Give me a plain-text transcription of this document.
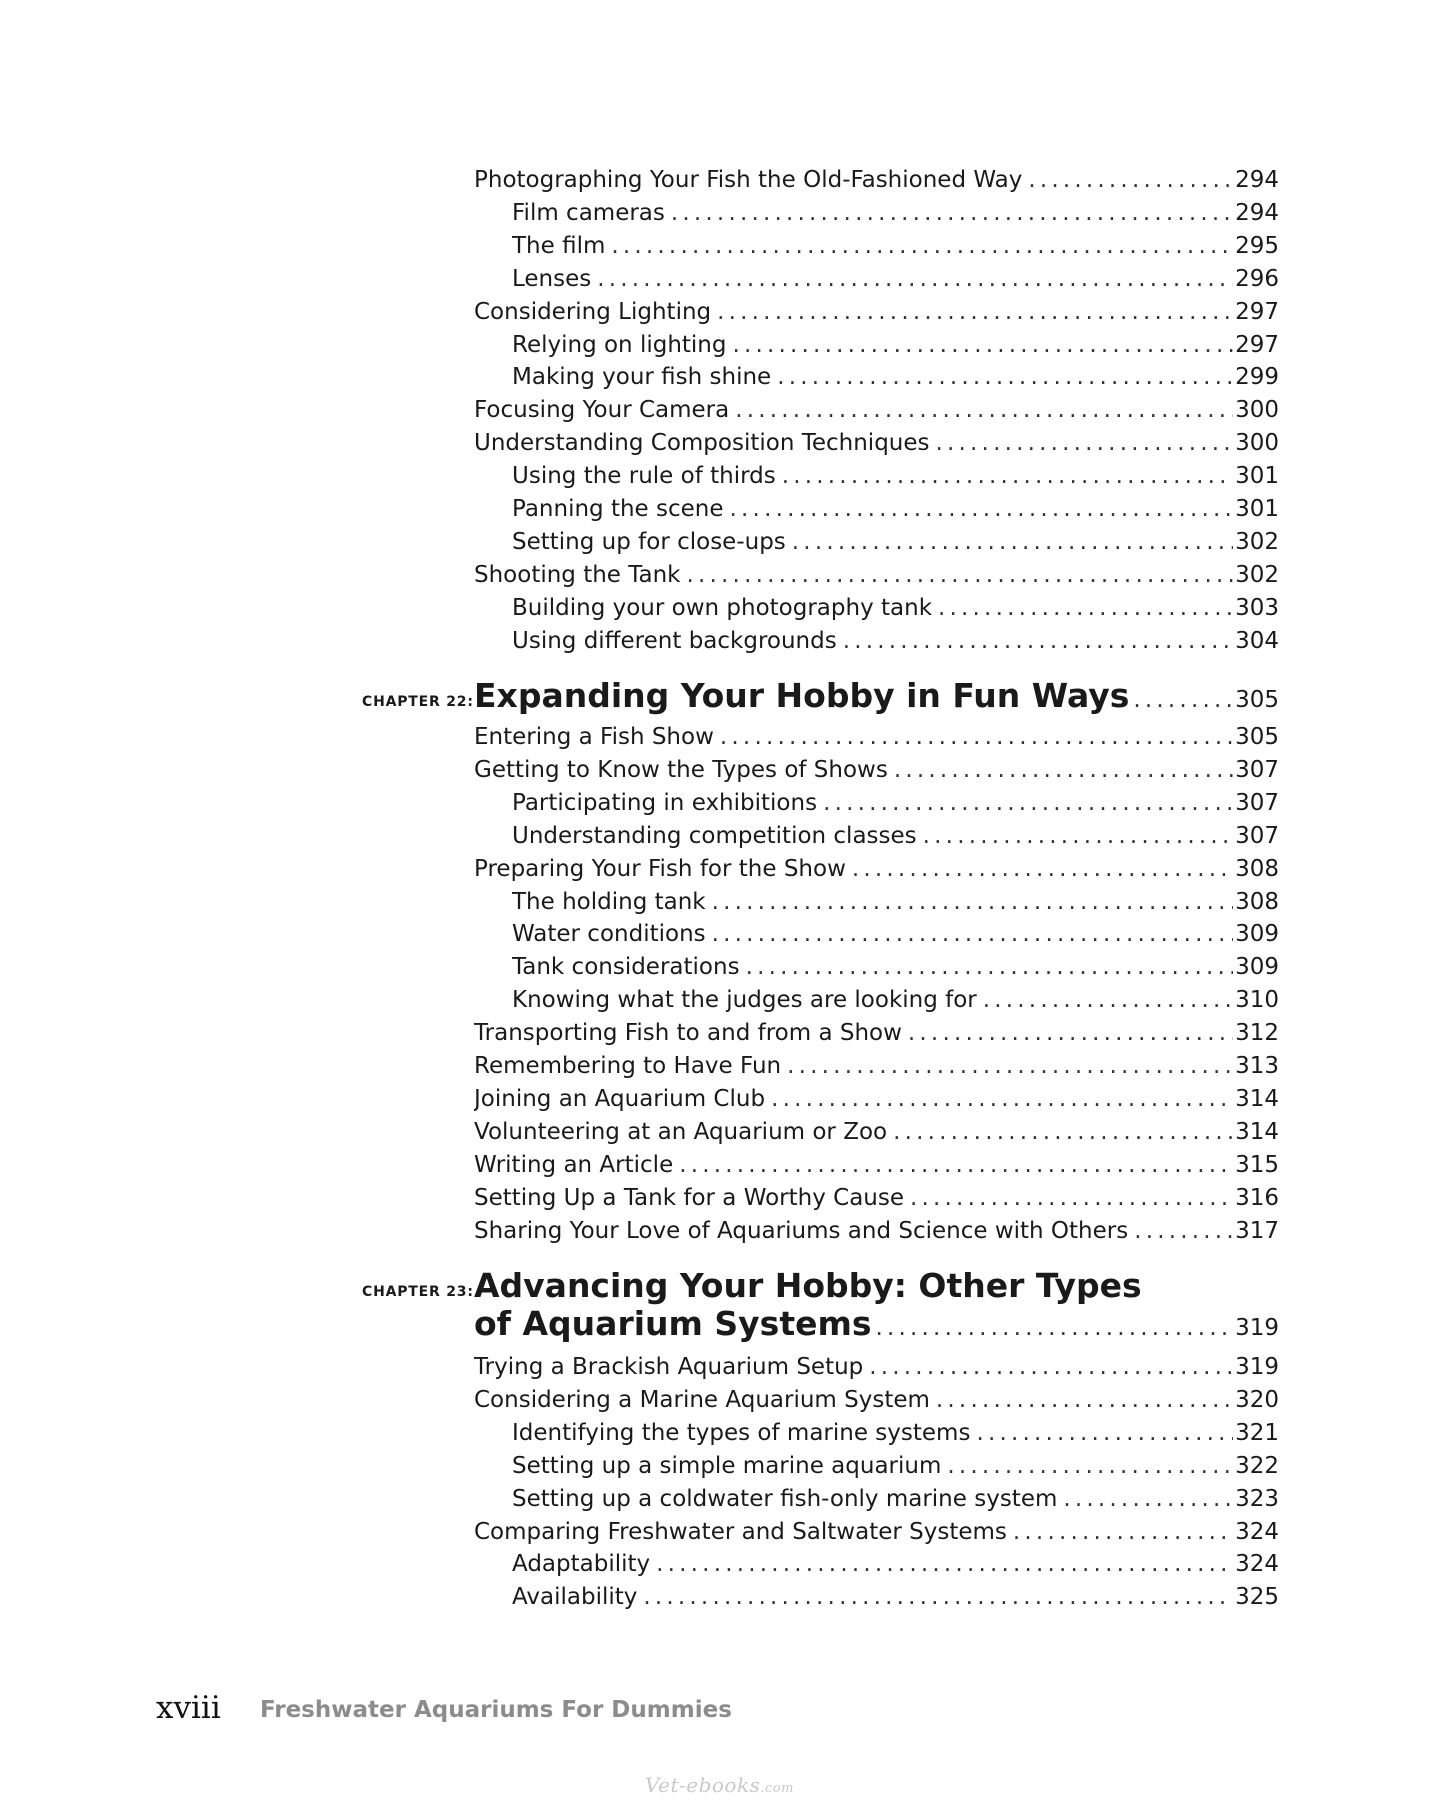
Photographing Your Fish the Old-Fashioned Way .....	294
Film cameras .....	294
The film .....	295
Lenses .....	296
Considering Lighting .....	297
Relying on lighting .....	297
Making your fish shine .....	299
Focusing Your Camera .....	300
Understanding Composition Techniques .....	300
Using the rule of thirds .....	301
Panning the scene .....	301
Setting up for close-ups .....	302
Shooting the Tank .....	302
Building your own photography tank .....	303
Using different backgrounds .....	304
CHAPTER 22: Expanding Your Hobby in Fun Ways .....	305
Entering a Fish Show .....	305
Getting to Know the Types of Shows .....	307
Participating in exhibitions .....	307
Understanding competition classes .....	307
Preparing Your Fish for the Show .....	308
The holding tank .....	308
Water conditions .....	309
Tank considerations .....	309
Knowing what the judges are looking for .....	310
Transporting Fish to and from a Show .....	312
Remembering to Have Fun .....	313
Joining an Aquarium Club .....	314
Volunteering at an Aquarium or Zoo .....	314
Writing an Article .....	315
Setting Up a Tank for a Worthy Cause .....	316
Sharing Your Love of Aquariums and Science with Others .....	317
CHAPTER 23: Advancing Your Hobby: Other Types
of Aquarium Systems .....	319
Trying a Brackish Aquarium Setup .....	319
Considering a Marine Aquarium System .....	320
Identifying the types of marine systems .....	321
Setting up a simple marine aquarium .....	322
Setting up a coldwater fish-only marine system .....	323
Comparing Freshwater and Saltwater Systems .....	324
Adaptability .....	324
Availability .....	325
xviii Freshwater Aquariums For Dummies
Vet-ebooks.com
